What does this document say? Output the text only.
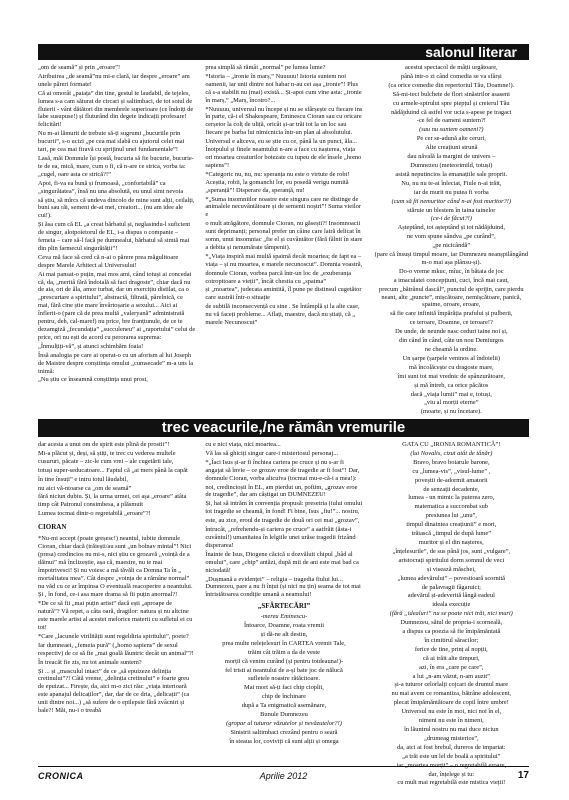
salonul literar

„om de seamă” și prin „eroare”!

Atribuirea „de seamă”nu mi-e clară, iar despre „eroare” am unele păreri formate!

Că ai omorât „paiața” din tine, gestul te laudabil, de tejeles, lumea s-a cam săturat de circari și saltimbaci, de tot soiul de fluierii - vânt dătători din membrele superioare (ce îndoiți de labe susupuse!) și fluturând din degete indicații profesare! felicitări!

Nu m-ai lămurit de trebuie să-ți sugrumi „bucuriile prin bucurii”, s-o ucizi „pe cea mai slabă cu ajutorul celei mai tari, pe cea mai firavă cu sprijinul unei fundamentale”!

Lasă, măi Domnule își postă, bucuria să fie bucurie, bucurie-te de ea, mică, mare, cum o fi, că n-are ce strica, vorba ta: „cugel, oare asta ce strică?!”

Apoi, fi-va ea bună și frumoasă, „confortabilă” ca „singurătatea”, însă nu una absolută, eu unul simt nevoia

să știu, să mîrcs că undeva dincolo de mine sunt alții, ceilalți, buni sau răi, semeni de-ai mei, creatori... (nu am idee ale cui!).

Și ăsa cum că EL „a creat bărbatul și, neglasindu-l suficient de singur, alotpoietorul de EL, i-a dispus o companie – femeia – care să-l facă pe dumnealui, bărbatul să simtă mai din plin farmecul singurătății”!

Ceva mă face să cred că n-ai o părere prea măgulitoare despre Marele Arhitect al Universului!

Ai mai pansat-o puțin, mai mos ami, când totuși ai concedat că, da, „meritâ fără îndoială să faci dragoste”, chiar dacă nu de aia, ori de ăla, amor turbat, dar un exercițiu distilat, ca o „prescurtare a spiritului”, abstractă, filtrată, pârelnică, ce mai, fără cine știe mare învârtoșarie a sexului... Aici ai înflerit-o (pare că de prea multă „valeryană” administrată pentru, deh, cal-maref) nu price, bre franțtunule, de ce te dezamgiză „fecundația” „succuleneu” ai „raportului” celui de price, ori nu ești de acord cu perorarea suprema:

„Înmulțiți-vă”, și atunci schimbăm foaia!

Însă analogia pe care ai operat-o cu un aforism al lui Joseph de Maistre despre conștiința omului „cumsecade” m-a uns la inimă:

„Nu știu ce înseamnă conștiința unui prost,

prea simplă să rămâi „normal” pe lumea lume?

*Istoria – „ironie în marș,” Nuuuuu! Istoria suntem noi oamenii, iar unii dintre noi habar n-au cei așa „ironie”! Plus că s-a stabilit nu (mai) există... Și-apoi cum vine asta: „ironie în marș,” „Marș, încotro?...

*Nuuuuu, universul nu începe și nu se sfârșește cu fiecare ins în parte, că-i el Shakespeare, Eminescu Cioran sau cu oricare cerșetor la colț de uliță, oricât și-ar trăi tot la un loc sau fiecare pe barba lui nimicnicia într-un plan al absolutului.

Universul e altceva, eu se știe cu ce, până la un punct, ăla... Înotpulul și finele neamtului n-are a face cu nașterea, viața ori moartea creaturilor botezate cu tupeu de ele însele „homo sapiens”!

*Categoric nu, nu, nu: speranța nu este o virtute de robi! Aceștia, robii, la gomanchi lor, eu posedă verigu numită „speranță”! Disperare da, speranță, nu!

*„Suma insomniilor noastre este singura care ne distinge de animalele necuvântătoare și de semenii noștri”! Suma vieilor e

o mult atrăgătore, domnule Cioran, nu găsești?! Insomnoacii sunt deprimanți; personal prefer un câine care latră delicat în somn, unui insomniac „fie el și cuvântător (fără fălnit în stare a debita și nenumărate tâmpenii).

*„Viața inspiră mai multă spaimă decât moartea; de fapt ea – viața – și nu moartea, e marele necunoscut”. Domnia voastră,

domnule Cioran, vorbea parcă într-un loc de „exuberanța cotropitoare a vieții”, încât chestia cu „spaima”

și „moartea”, judecata amintită, îl pune pe distinsul cugetător care sustrăi într-o situație

de subtilă inconsecvență cu sine . Se întâmplă și la alte case, nu vă faceți probleme... Aflați, maestre, dacă nu știați, că „ marele Necunoscut”

acestui spectacol de mâții urgătoare,

până intr-o zi când comedia se va sfârși

(ca orice comedie din repertoriul Tău, Doamne!).

Să-mi-teci bulchete de flori sinăstrilor asaseni

cu armele-sptrului spre piepțul și creierul Tău

nădăjduind că astfel vor ucia s-apese pe tragaci

-ce fel de oameni suntem?!

(sau nu suntem oameni?)

Pe cer se-adună alte ceruri,

Alte creațiuni strună

dau năvală la margini de univers –

Dumnezeu (meteorimild, totuși)

asistă neputincios la emanațiile sale proprii.

Nu, nu nu te-ai înleciat, Fiule n-ai trăit,

iar de murit nu putea fi vorba

(cum să fii nemuritor când n-ai fost muritor?!)

stăruie un blestem în taina tainelor

(ce-i de făcut?!)

Așteptând, tot așteptând și tot nădăjduind,

ne vom spune sândva „pe curând”,

„pe nicicândă”

(pare că însuși timpul moare, iar Dumnezeu neanșpilângând m-o mai așa plânsu-și).

Do-o vreme mkuc, mîuc, în bătaia de joc

a imaculatei concepțiuni, cuci, încă mai caut,

precum „bătrânul dascăl”, punctul de sprijin, care pierdu neant, alte „puncte”, mișcătoare, nemișcătoare, panică, spaime, oroare, eroare,

să fie care infinită împărăția prafului și pulberii,

ce teroare, Doamne, ce teroare!?

De unde, de neunde nasc ceduri taine noi și,

din când în când, câte un nou Demiurgos

ne cheamă la ordine.

Un șarpe (șarpele veninos al îndoielii)

mă încolăcește cu dragoste mare,

îmi sunt tot mai vrednic de spânzurătoare,

și mă întreb, ca orice păcătos

dacă „viața lumii” mai e, totuși,

„viu al morții eterne”

(moarte, și nu încetare).

trec veacurile,/ne rămân vremurile

dar acesta a unui om de spirit este plină de prostii”!

Mi-a plăcut și, deși, să știți, te trec cu vederea multele cusururi, păcate – zic-le cum vrei – ale cugetării tale,

totuși super-seducatoare... Faptul că „ai mers până la capăt

în tine însuți” e intru totul lăudabil,

nu aici vă-ntoarse ca „om de seamă”

fără niciun dubiu. Și, la urma urmei, cei așa „eroare” atâta timp cât Patronul consimbesa, a plăsmuit

Lumea tocmai dintr-o regretabilă „eroare”?!

CIORAN

*Nu-mi accept (poate greșesc!) neantul, iubite domnule Cioran, chiar dacă (trăiești/au sunt „un bolnav mintal”! Nici (presa) credincios nu mi-s, nici știu ce grozavă „voință de a dăinui” mă înclizeștie, așa că, maestre, nu te mai împotrivesci! Și nu voiesc a mă tăvăli ca Domna Ta în „ mortalitatea mea”. Cât despre „voința de a rămâne normal” nu văd cu ce ar împinsa O eventuală reacoperire a neantului.

Și , în fond, ce-i asa mare drama să fii puțin anormal?!

*De ce să fii „mai puțin artist” dacă ești „aproape de natură”? Vă repet, a câta oară, dragilor: natura și nu altcine este marele artist al acestei melorice materii cu sufletul ei cu tot!

*Care „lacunele virilității sunt regeldiria spiritului”, poete?

Iar dumneaei, „femeia pură” („homo sapiens” de sexul respectiv) de ce să fie „mai goală lăuntric decât un animal”?!

În treacăt fie zis, nu tot animale suntem?

Și ... și „masculul intact” de ce „să epuizeze delinția cretinului”?! Câtă vreme, „delinția cretinului” e foarte greu de epuizat... Firește, da, aici m-o zici rău: „viața interioară este apanajul delicaților”, dar, dar de ce dria, „delicații” (ca unii dintre noi...) „să sufere de o epilepsie fără zvâcniri și bale?! Măi, nu-i o treabă

cu e nici viața, nici moartea...

Vă las să ghiciți singur care-i misteriosul personaj...

*„Îaci Isus și-ar fi închiea cariera pe cruce și nu s-ar fi angajat să învie – ce grozav eroe de tragedie ar fi fost”! Dar, domnule Cioran, vorba altcuiva (tocmai mu-e-că-i a mea!):

noi, credincioșii în EL, am pierdut un, poftim, „grozav eroe de tragedie”, dar am câștigat un DUMNEZEU!

Și, hai să intrăm în convenția propusă: presetria (iului omului tot tragedie se cheamă, în fond! Fi bine, Isus „fiu!”... nostru,

este, au zice, eroul de tragedie de două ori cei mai „grozav”,

întrucât, „refrehendu-și cariera pe cruce” a aatfrăit (ăsta-i cuvântul!) umanitatea în lelgiile unei urăse tragedii frizând disperarea!

Înainte de Isus, Diogene căcică u dozvăluit chipul „bâd al omului”, care „chip” antăzi, după mii de ani este mai bad ca niciodată!

„Dușmană a evidenței” – religia – tragedia fiului lui... Dumnezeu, pare a nu fi înțut (și nici nu țin) seama de tot mai întristătoarea condiție umană a neamului!

„SFÂRTECĂRI”

-mereu Eminescu-

Întoarce, Doamne, roata vremii

și dă-ne alt destin,

prea multe nelețelesuri în CARTEA vremii Tale,

trăim cât trăim a da de veste

morții că venim curând (și pentru totdeauna!)-

fel tristi ai neantului de a-și bate joc de nălucă

sufletele noastre rătăcitoare.

Mai mort să-ți faci chip cioplit,

chip de închinare

după a Ta enigmatică asemănare,

Bunule Dumnezeu

(gropar al tuturor văzutelor și nevăzutelor?!)

Sinistrii saltimbaci crezând pentru o seară

în steaua lor, coviviți că sunt alții și omega

GATA CU „IRONIA ROMANTICĂ”!

(lui Novalis, cizut atât de tânăr)

Bravo, bravo boiarule barone,

cu „lumea-vis”, „visul-lume” ,

poveștii de-adormit amatorii

de senzații decadente,

lumea - un mimic la puterea zero,

matematica a succombat sub

presiunea lui „unu”,

timpul dinaintea creațiunii” e mort,

trăiască „timpul de după lume”

muritor și el din nașteres,

„înțelesurile”, de sus până jos, sunt „vulgare”,

aristocrați spiritului dorm somnul de veci

și visează măschei,

„lumea adevărului” – povestioară scornită

de palavragii fâgaruici;

adevărul și-adeverită lângă eadeul

ideala execuție

(fără „idealuri” nu se poate nici trăi, nici muri)

Dumnezeu, sătul de propria-i scorneală,

a dispus ca poezia să fie îmipămăntată

în cimitirul săracilor;

ferice de tine, prinț al nopții,

că ai trăit alte timpuri,

azi, în era „care pe care”,

a lui „n-am văzut, n-am auzit”

și-a tuturor celorlalți cojcari de drumul mare

nu mai avem ce romantiza, bătrâne adolescent,

plecat îmipămăntătoare de copil între umbre!

Universul nu este în moi, nici noi în el,

nimeni nu este în nimeni,

în lăuntrul nostru nu mai duce niciun

„drumeag misterios”,

da, aici ai fost brebul, dureros de impariat:

„a trăi este un lel de boală a spiritului”

dar, înțelege și tu:

cu mult mai regretabilă este mistica vieții!

CRONICA	Aprilie 2012	17
